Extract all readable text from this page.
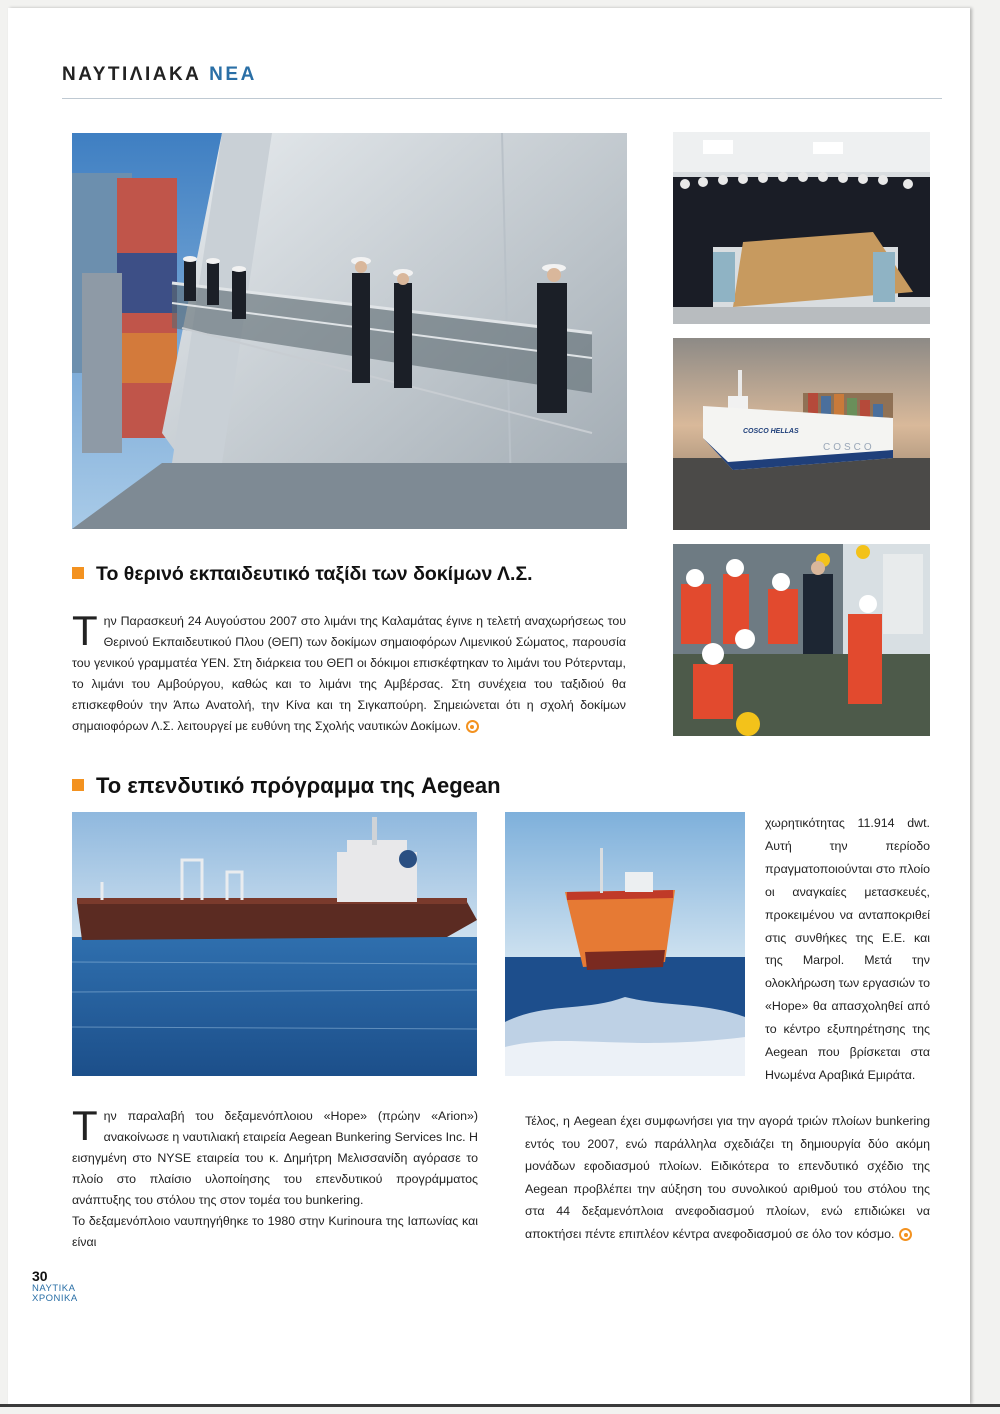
ΝΑΥΤΙΛΙΑΚΑ ΝΕΑ
COSCO HELLAS
COSCO
Το θερινό εκπαιδευτικό ταξίδι των δοκίμων Λ.Σ.
Την Παρασκευή 24 Αυγούστου 2007 στο λιμάνι της Καλαμάτας έγινε η τελετή αναχωρήσεως του Θερινού Εκπαιδευτικού Πλου (ΘΕΠ) των δοκίμων σημαιοφόρων Λιμενικού Σώματος, παρουσία του γενικού γραμματέα ΥΕΝ. Στη διάρκεια του ΘΕΠ οι δόκιμοι επισκέφτηκαν το λιμάνι του Ρότερνταμ, το λιμάνι του Αμβούργου, καθώς και το λιμάνι της Αμβέρσας. Στη συνέχεια του ταξιδιού θα επισκεφθούν την Άπω Ανατολή, την Κίνα και τη Σιγκαπούρη. Σημειώνεται ότι η σχολή δοκίμων σημαιοφόρων Λ.Σ. λειτουργεί με ευθύνη της Σχολής ναυτικών Δοκίμων.
Το επενδυτικό πρόγραμμα της Aegean
χωρητικότητας 11.914 dwt. Αυτή την περίοδο πραγματοποιούνται στο πλοίο οι αναγκαίες μετασκευές, προκειμένου να ανταποκριθεί στις συνθήκες της Ε.Ε. και της Marpol. Μετά την ολοκλήρωση των εργασιών το «Hope» θα απασχοληθεί από το κέντρο εξυπηρέτησης της Aegean που βρίσκεται στα Ηνωμένα Αραβικά Εμιράτα.
Την παραλαβή του δεξαμενόπλοιου «Hope» (πρώην «Arion») ανακοίνωσε η ναυτιλιακή εταιρεία Aegean Bunkering Services Inc. Η εισηγμένη στο NYSE εταιρεία του κ. Δημήτρη Μελισσανίδη αγόρασε το πλοίο στο πλαίσιο υλοποίησης του επενδυτικού προγράμματος ανάπτυξης του στόλου της στον τομέα του bunkering.
Το δεξαμενόπλοιο ναυπηγήθηκε το 1980 στην Kurinoura της Ιαπωνίας και είναι
Τέλος, η Aegean έχει συμφωνήσει για την αγορά τριών πλοίων bunkering εντός του 2007, ενώ παράλληλα σχεδιάζει τη δημιουργία δύο ακόμη μονάδων εφοδιασμού πλοίων. Ειδικότερα το επενδυτικό σχέδιο της Aegean προβλέπει την αύξηση του συνολικού αριθμού του στόλου της στα 44 δεξαμενόπλοια ανεφοδιασμού πλοίων, ενώ επιδιώκει να αποκτήσει πέντε επιπλέον κέντρα ανεφοδιασμού σε όλο τον κόσμο.
30
ΝΑΥΤΙΚΑ
ΧΡΟΝΙΚΑ
